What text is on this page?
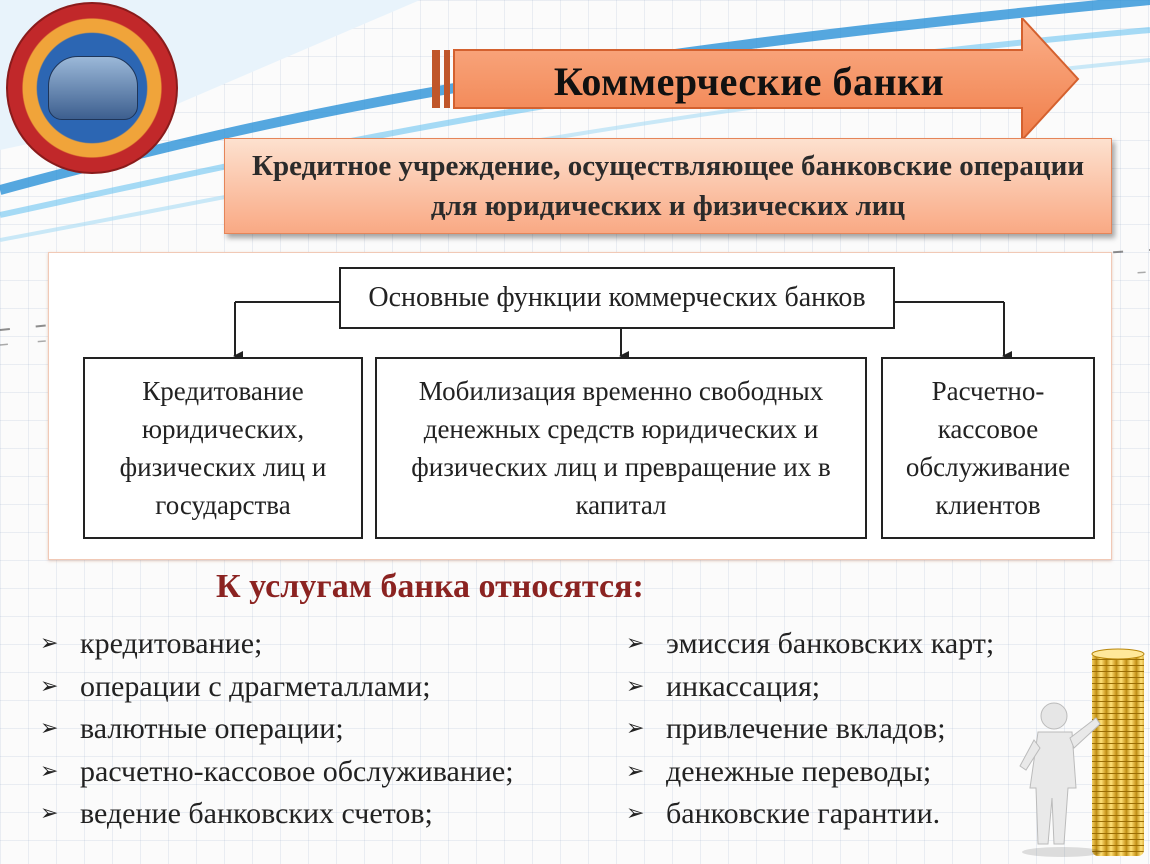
Коммерческие банки
Кредитное учреждение, осуществляющее банковские операции для юридических и физических лиц
Основные функции коммерческих банков
Кредитование
юридических,
физических лиц и
государства
Мобилизация временно свободных
денежных средств юридических и
физических лиц и превращение их в
капитал
Расчетно-
кассовое
обслуживание
клиентов
К услугам банка относятся:
➢ кредитование;
➢ операции с драгметаллами;
➢ валютные операции;
➢ расчетно-кассовое обслуживание;
➢ ведение банковских счетов;
➢ эмиссия банковских карт;
➢ инкассация;
➢ привлечение вкладов;
➢ денежные переводы;
➢ банковские гарантии.
